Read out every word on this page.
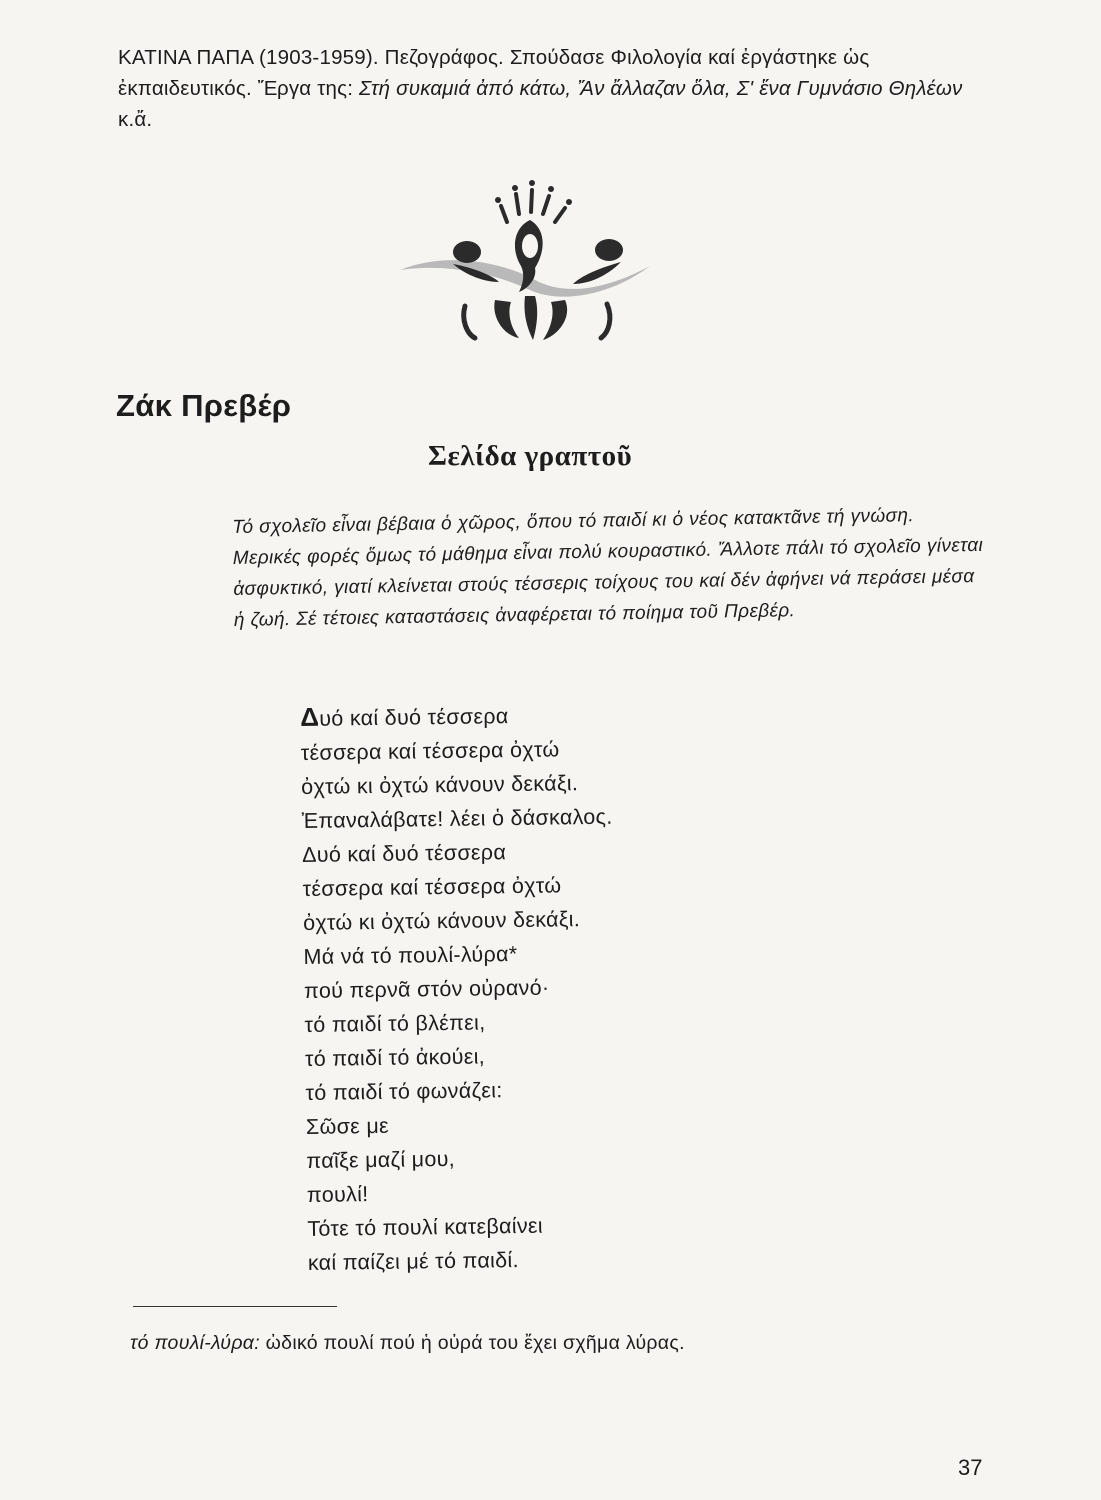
ΚΑΤΙΝΑ ΠΑΠΑ (1903-1959). Πεζογράφος. Σπούδασε Φιλολογία καί ἐργάστηκε ὡς ἐκπαιδευτικός. Ἔργα της: Στή συκαμιά ἀπό κάτω, Ἄν ἄλλαζαν ὅλα, Σ' ἕνα Γυμνάσιο Θηλέων κ.ἄ.

Ζάκ Πρεβέρ
Σελίδα γραπτοῦ

Τό σχολεῖο εἶναι βέβαια ὁ χῶρος, ὅπου τό παιδί κι ὁ νέος κατακτᾶνε τή γνώση. Μερικές φορές ὅμως τό μάθημα εἶναι πολύ κουραστικό. Ἄλλοτε πάλι τό σχολεῖο γίνεται ἀσφυκτικό, γιατί κλείνεται στούς τέσσερις τοίχους του καί δέν ἀφήνει νά περάσει μέσα ἡ ζωή. Σέ τέτοιες καταστάσεις ἀναφέρεται τό ποίημα τοῦ Πρεβέρ.

Δυό καί δυό τέσσερα
τέσσερα καί τέσσερα ὀχτώ
ὀχτώ κι ὀχτώ κάνουν δεκάξι.
Ἐπαναλάβατε! λέει ὁ δάσκαλος.
Δυό καί δυό τέσσερα
τέσσερα καί τέσσερα ὀχτώ
ὀχτώ κι ὀχτώ κάνουν δεκάξι.
Μά νά τό πουλί-λύρα*
πού περνᾶ στόν οὐρανό·
τό παιδί τό βλέπει,
τό παιδί τό ἀκούει,
τό παιδί τό φωνάζει:
Σῶσε με
παῖξε μαζί μου,
πουλί!
Τότε τό πουλί κατεβαίνει
καί παίζει μέ τό παιδί.

τό πουλί-λύρα: ὠδικό πουλί πού ἡ οὐρά του ἔχει σχῆμα λύρας.

37
